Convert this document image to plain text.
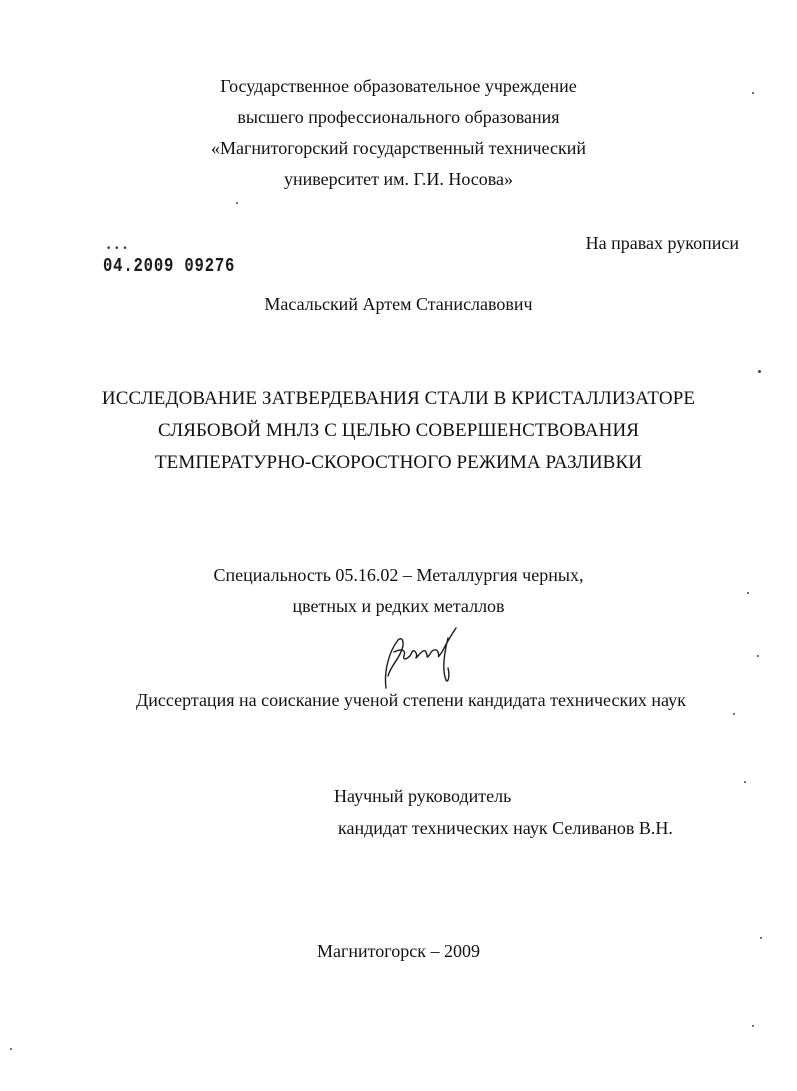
Государственное образовательное учреждение
высшего профессионального образования
«Магнитогорский государственный технический
университет им. Г.И. Носова»
На правах рукописи
• • •
04.2009 09276
Масальский Артем Станиславович
ИССЛЕДОВАНИЕ ЗАТВЕРДЕВАНИЯ СТАЛИ В КРИСТАЛЛИЗАТОРЕ
СЛЯБОВОЙ МНЛЗ С ЦЕЛЬЮ СОВЕРШЕНСТВОВАНИЯ
ТЕМПЕРАТУРНО-СКОРОСТНОГО РЕЖИМА РАЗЛИВКИ
Специальность 05.16.02 – Металлургия черных,
цветных и редких металлов
Диссертация на соискание ученой степени кандидата технических наук
Научный руководитель
кандидат технических наук Селиванов В.Н.
Магнитогорск – 2009
